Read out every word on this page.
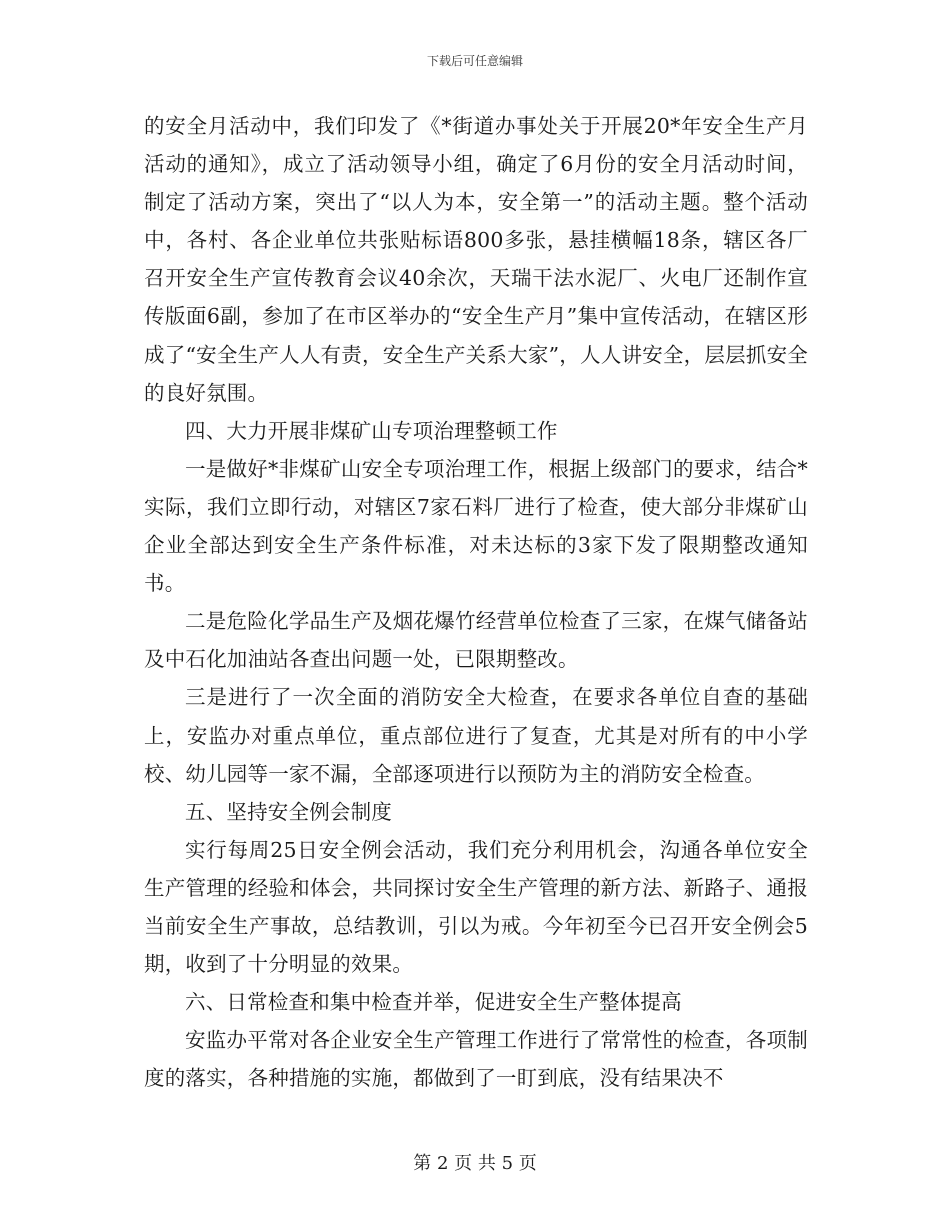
下载后可任意编辑

的安全月活动中，我们印发了《*街道办事处关于开展20*年安全生产月活动的通知》，成立了活动领导小组，确定了6月份的安全月活动时间，制定了活动方案，突出了“以人为本，安全第一”的活动主题。整个活动中，各村、各企业单位共张贴标语800多张，悬挂横幅18条，辖区各厂召开安全生产宣传教育会议40余次，天瑞干法水泥厂、火电厂还制作宣传版面6副，参加了在市区举办的“安全生产月”集中宣传活动，在辖区形成了“安全生产人人有责，安全生产关系大家”，人人讲安全，层层抓安全的良好氛围。

四、大力开展非煤矿山专项治理整顿工作

一是做好*非煤矿山安全专项治理工作，根据上级部门的要求，结合*实际，我们立即行动，对辖区7家石料厂进行了检查，使大部分非煤矿山企业全部达到安全生产条件标准，对未达标的3家下发了限期整改通知书。

二是危险化学品生产及烟花爆竹经营单位检查了三家，在煤气储备站及中石化加油站各查出问题一处，已限期整改。

三是进行了一次全面的消防安全大检查，在要求各单位自查的基础上，安监办对重点单位，重点部位进行了复查，尤其是对所有的中小学校、幼儿园等一家不漏，全部逐项进行以预防为主的消防安全检查。

五、坚持安全例会制度

实行每周25日安全例会活动，我们充分利用机会，沟通各单位安全生产管理的经验和体会，共同探讨安全生产管理的新方法、新路子、通报当前安全生产事故，总结教训，引以为戒。今年初至今已召开安全例会5期，收到了十分明显的效果。

六、日常检查和集中检查并举，促进安全生产整体提高

安监办平常对各企业安全生产管理工作进行了常常性的检查，各项制度的落实，各种措施的实施，都做到了一盯到底，没有结果决不

第 2 页 共 5 页
